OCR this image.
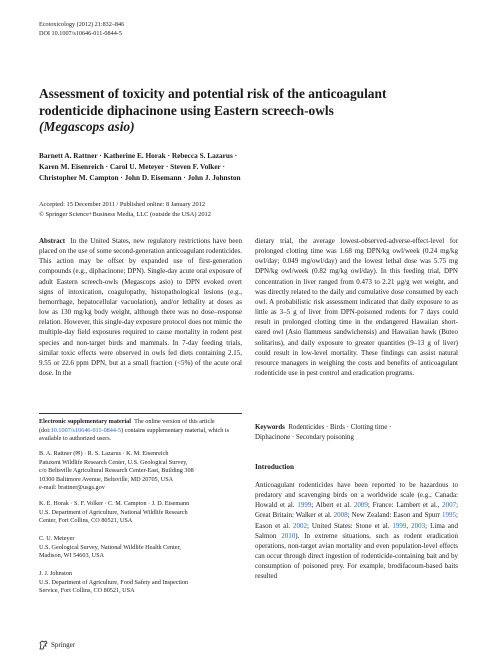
Ecotoxicology (2012) 21:832–846
DOI 10.1007/s10646-011-0844-5
Assessment of toxicity and potential risk of the anticoagulant
rodenticide diphacinone using Eastern screech-owls
(Megascops asio)
Barnett A. Rattner · Katherine E. Horak · Rebecca S. Lazarus ·
Karen M. Eisenreich · Carol U. Meteyer · Steven F. Volker ·
Christopher M. Campton · John D. Eisemann · John J. Johnston
Accepted: 15 December 2011 / Published online: 8 January 2012
© Springer Science+Business Media, LLC (outside the USA) 2012
Abstract In the United States, new regulatory restrictions have been placed on the use of some second-generation anticoagulant rodenticides. This action may be offset by expanded use of first-generation compounds (e.g., diphacinone; DPN). Single-day acute oral exposure of adult Eastern screech-owls (Megascops asio) to DPN evoked overt signs of intoxication, coagulopathy, histopathological lesions (e.g., hemorrhage, hepatocellular vacuolation), and/or lethality at doses as low as 130 mg/kg body weight, although there was no dose–response relation. However, this single-day exposure protocol does not mimic the multiple-day field exposures required to cause mortality in rodent pest species and non-target birds and mammals. In 7-day feeding trials, similar toxic effects were observed in owls fed diets containing 2.15, 9.55 or 22.6 ppm DPN, but at a small fraction (<5%) of the acute oral dose. In the
Electronic supplementary material The online version of this article (doi:10.1007/s10646-011-0844-5) contains supplementary material, which is available to authorized users.
B. A. Rattner (✉) · R. S. Lazarus · K. M. Eisenreich
Patuxent Wildlife Research Center, U.S. Geological Survey,
c/o Beltsville Agricultural Research Center-East, Building 308
10300 Baltimore Avenue, Beltsville, MD 20705, USA
e-mail: brattner@usgs.gov
K. E. Horak · S. F. Volker · C. M. Campton · J. D. Eisemann
U.S. Department of Agriculture, National Wildlife Research
Center, Fort Collins, CO 80521, USA
C. U. Meteyer
U.S. Geological Survey, National Wildlife Health Center,
Madison, WI 54603, USA
J. J. Johnston
U.S. Department of Agriculture, Food Safety and Inspection
Service, Fort Collins, CO 80521, USA
dietary trial, the average lowest-observed-adverse-effect-level for prolonged clotting time was 1.68 mg DPN/kg owl/week (0.24 mg/kg owl/day; 0.049 mg/owl/day) and the lowest lethal dose was 5.75 mg DPN/kg owl/week (0.82 mg/kg owl/day). In this feeding trial, DPN concentration in liver ranged from 0.473 to 2.21 μg/g wet weight, and was directly related to the daily and cumulative dose consumed by each owl. A probabilistic risk assessment indicated that daily exposure to as little as 3–5 g of liver from DPN-poisoned rodents for 7 days could result in prolonged clotting time in the endangered Hawaiian short-eared owl (Asio flammeus sandwichensis) and Hawaiian hawk (Buteo solitarius), and daily exposure to greater quantities (9–13 g of liver) could result in low-level mortality. These findings can assist natural resource managers in weighing the costs and benefits of anticoagulant rodenticide use in pest control and eradication programs.
Keywords Rodenticides · Birds · Clotting time ·
Diphacinone · Secondary poisoning
Introduction
Anticoagulant rodenticides have been reported to be hazardous to predatory and scavenging birds on a worldwide scale (e.g., Canada: Howald et al. 1999; Albert et al. 2009; France: Lambert et al., 2007; Great Britain: Walker et al. 2008; New Zealand: Eason and Spurr 1995; Eason et al. 2002; United States: Stone et al. 1999, 2003; Lima and Salmon 2010). In extreme situations, such as rodent eradication operations, non-target avian mortality and even population-level effects can occur through direct ingestion of rodenticide-containing bait and by consumption of poisoned prey. For example, brodifacoum-based baits resulted
Springer
